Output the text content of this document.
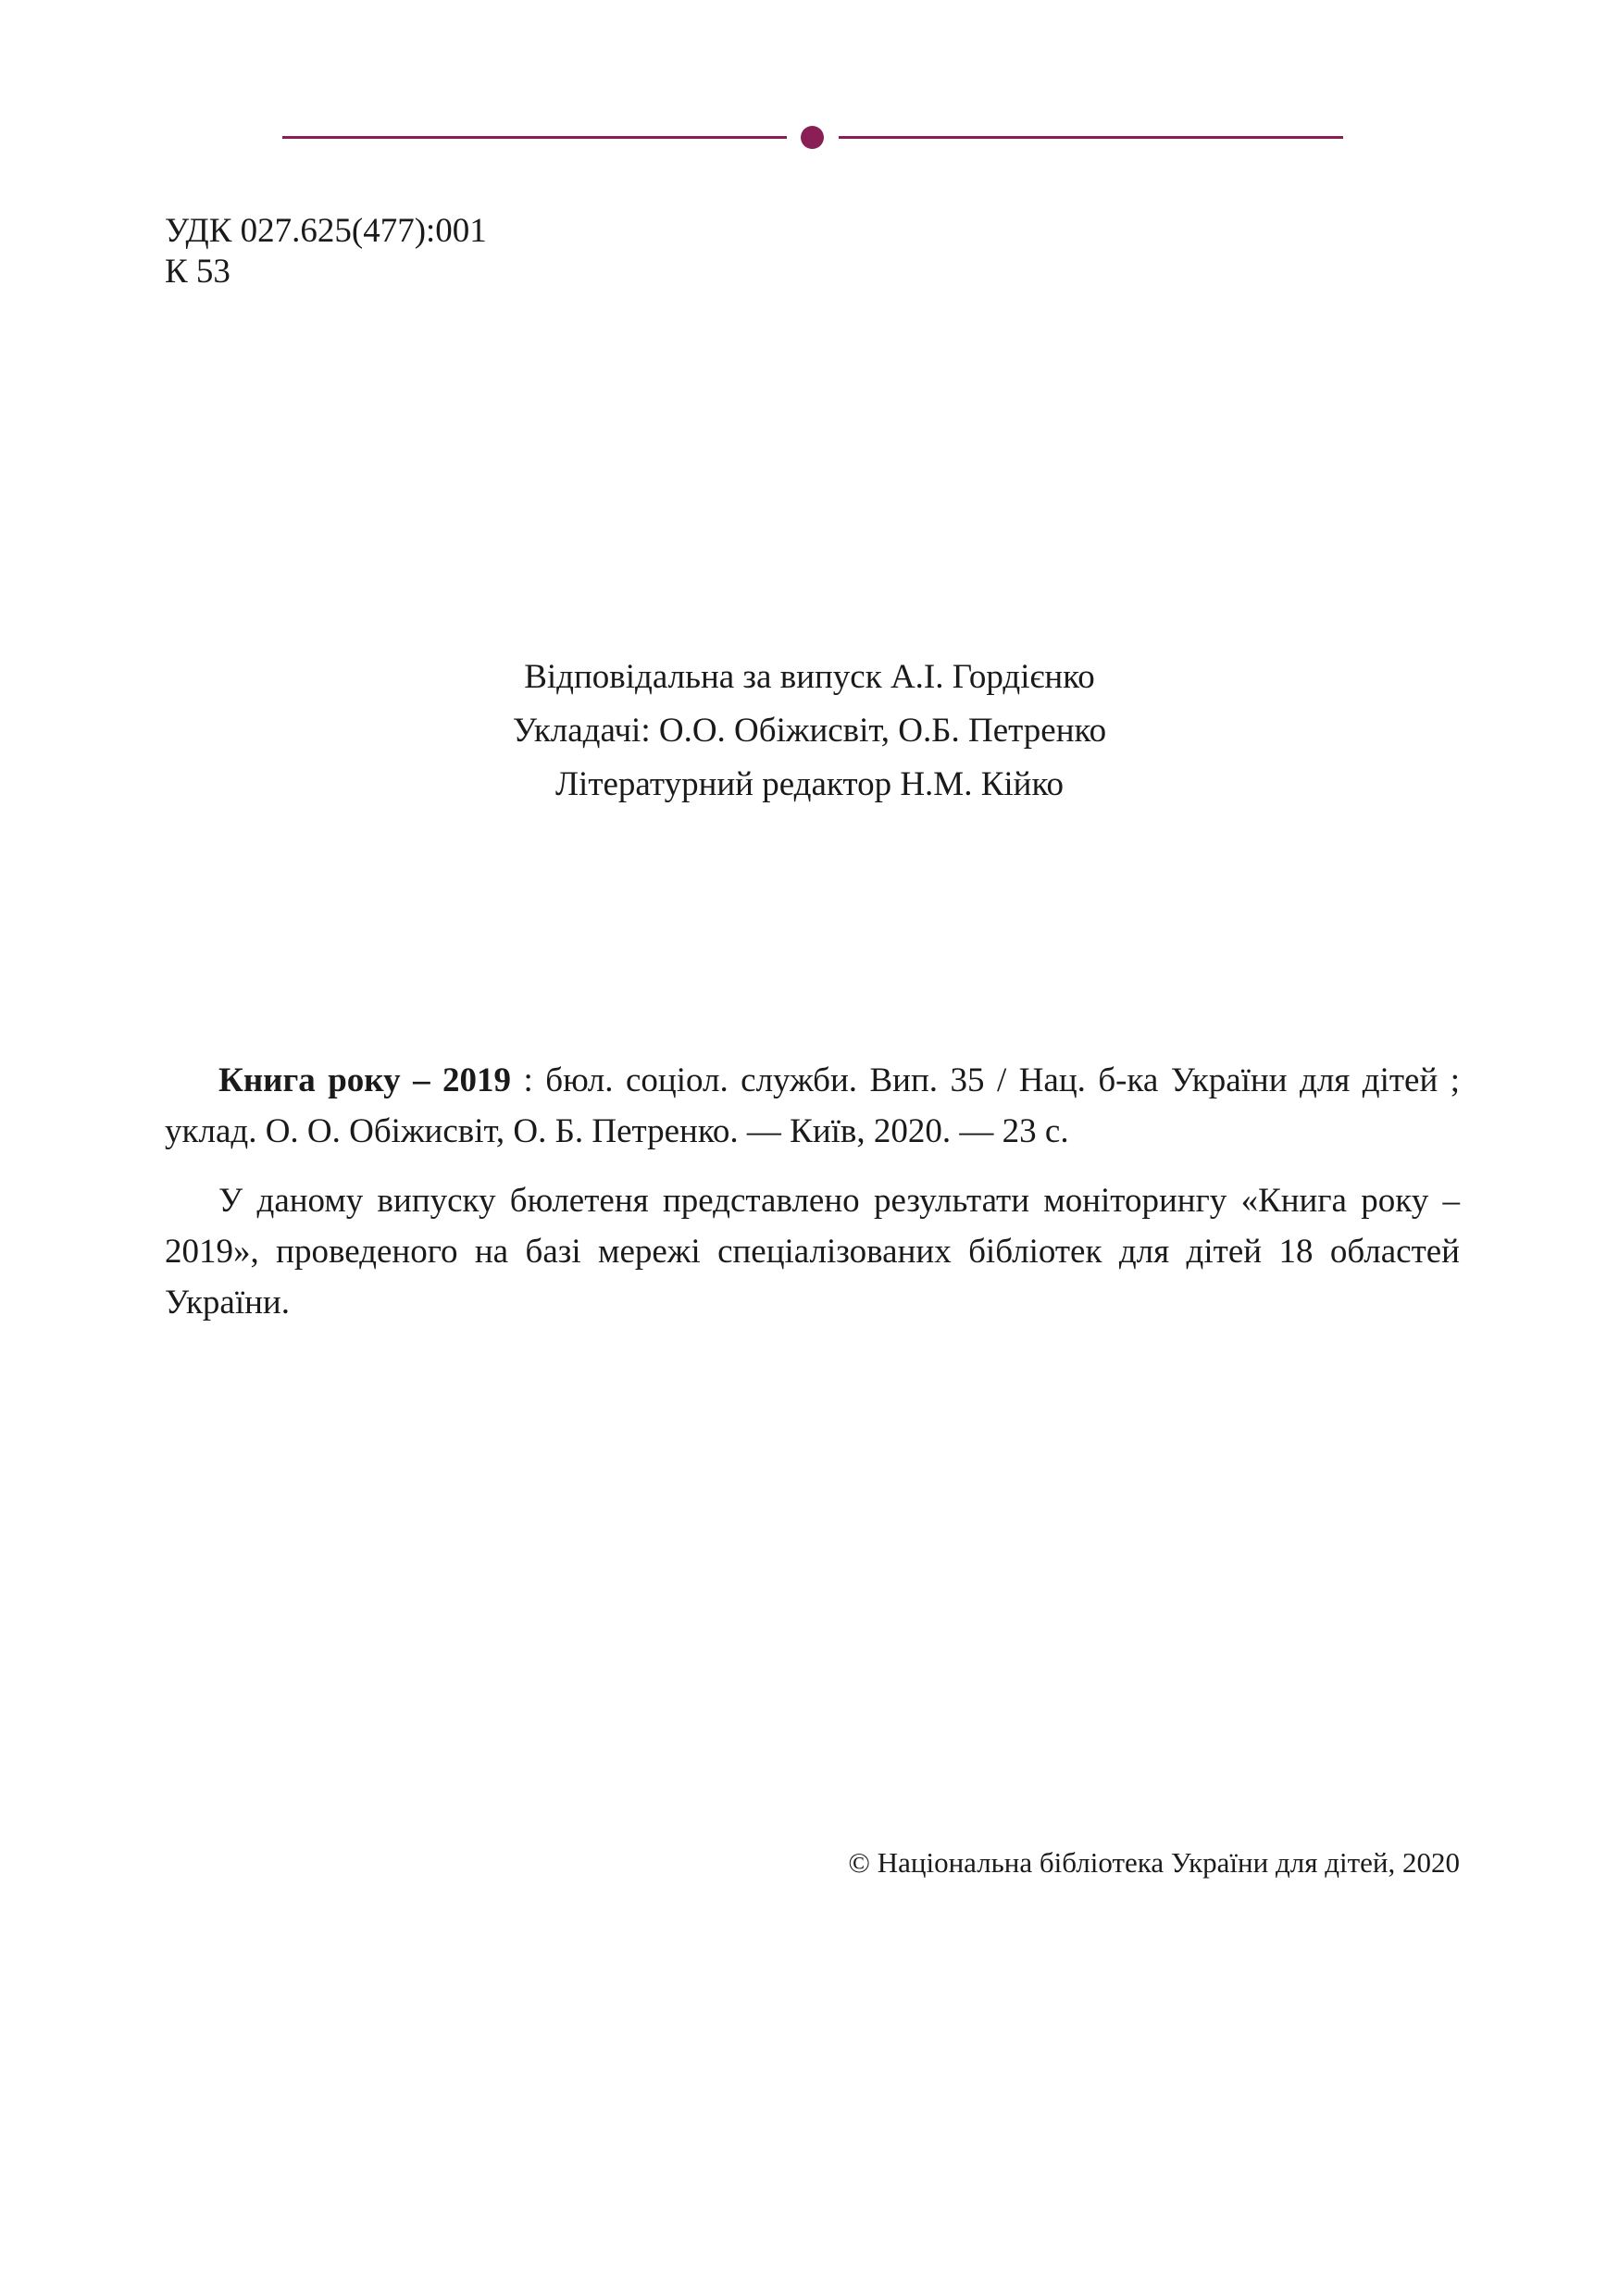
УДК 027.625(477):001
К 53
Відповідальна за випуск А.І. Гордієнко
Укладачі: О.О. Обіжисвіт, О.Б. Петренко
Літературний редактор Н.М. Кійко

Книга року – 2019 : бюл. соціол. служби. Вип. 35 / Нац. б-ка України для дітей ; уклад. О. О. Обіжисвіт, О. Б. Петренко. — Київ, 2020. — 23 с.

У даному випуску бюлетеня представлено результати моніторингу «Книга року – 2019», проведеного на базі мережі спеціалізованих бібліотек для дітей 18 областей України.

© Національна бібліотека України для дітей, 2020
